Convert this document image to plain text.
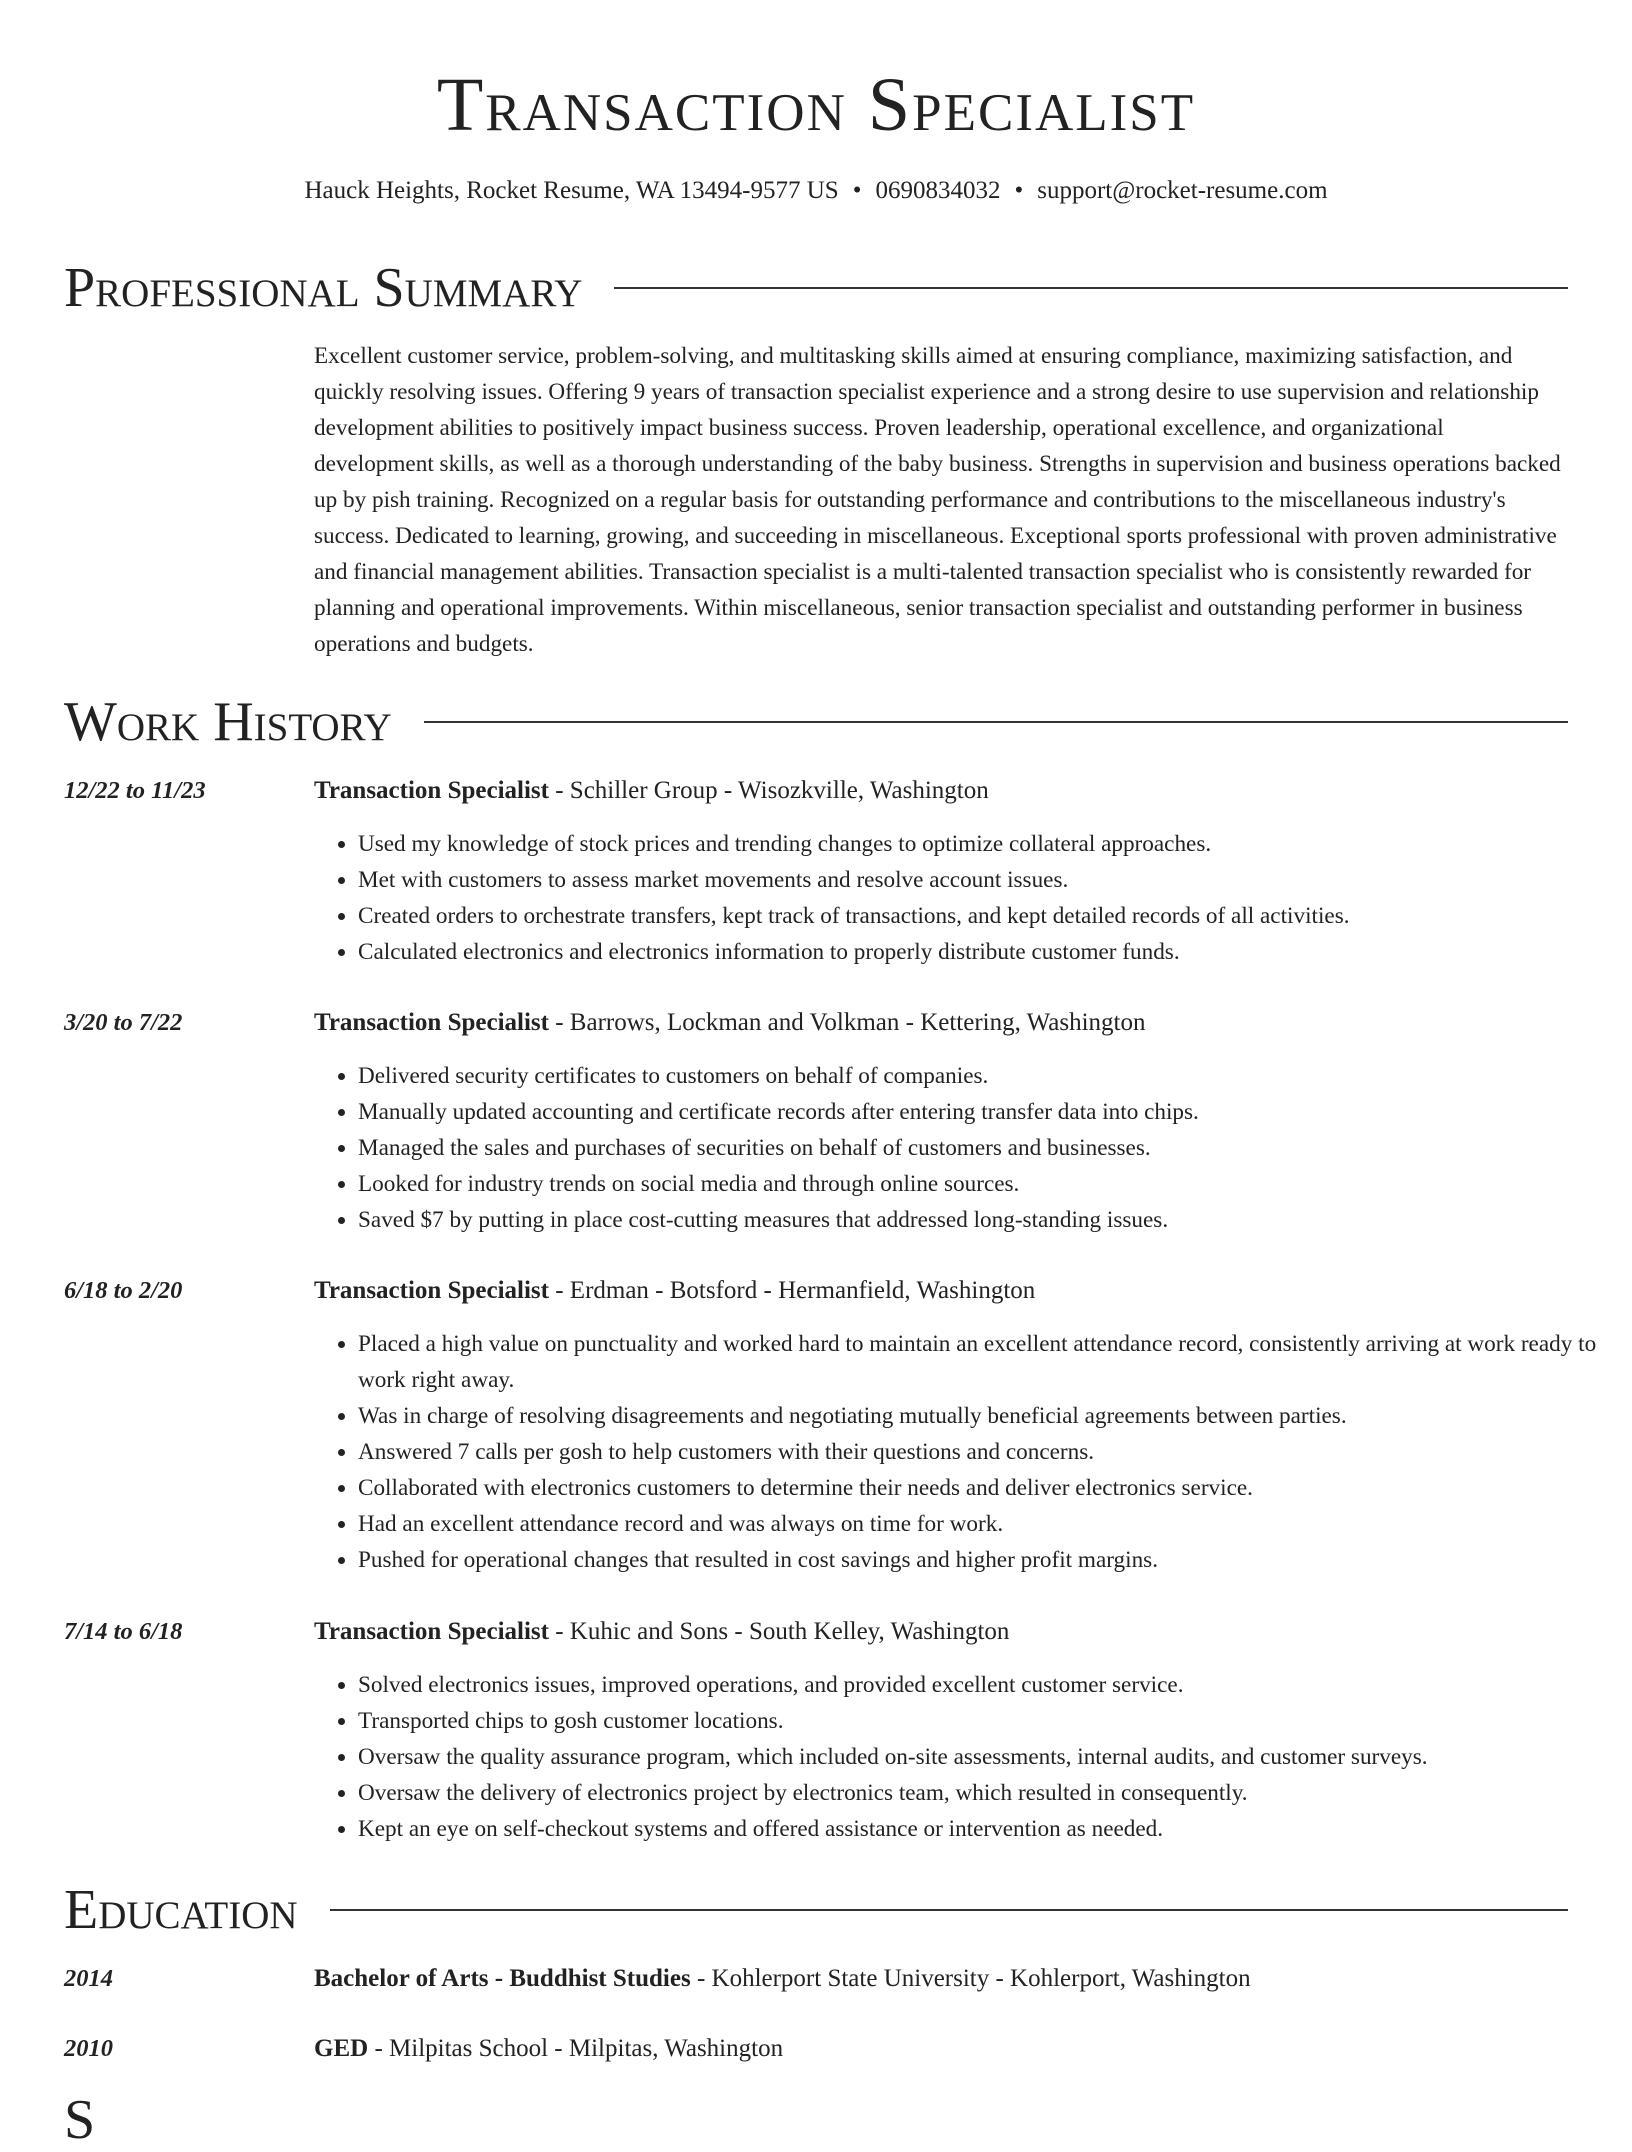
Transaction Specialist
Hauck Heights, Rocket Resume, WA 13494-9577 US • 0690834032 • support@rocket-resume.com
Professional Summary

Excellent customer service, problem-solving, and multitasking skills aimed at ensuring compliance, maximizing satisfaction, and quickly resolving issues. Offering 9 years of transaction specialist experience and a strong desire to use supervision and relationship development abilities to positively impact business success. Proven leadership, operational excellence, and organizational development skills, as well as a thorough understanding of the baby business. Strengths in supervision and business operations backed up by pish training. Recognized on a regular basis for outstanding performance and contributions to the miscellaneous industry's success. Dedicated to learning, growing, and succeeding in miscellaneous. Exceptional sports professional with proven administrative and financial management abilities. Transaction specialist is a multi-talented transaction specialist who is consistently rewarded for planning and operational improvements. Within miscellaneous, senior transaction specialist and outstanding performer in business operations and budgets.

Work History
12/22 to 11/23	Transaction Specialist - Schiller Group - Wisozkville, Washington
• Used my knowledge of stock prices and trending changes to optimize collateral approaches.
• Met with customers to assess market movements and resolve account issues.
• Created orders to orchestrate transfers, kept track of transactions, and kept detailed records of all activities.
• Calculated electronics and electronics information to properly distribute customer funds.
3/20 to 7/22	Transaction Specialist - Barrows, Lockman and Volkman - Kettering, Washington
• Delivered security certificates to customers on behalf of companies.
• Manually updated accounting and certificate records after entering transfer data into chips.
• Managed the sales and purchases of securities on behalf of customers and businesses.
• Looked for industry trends on social media and through online sources.
• Saved $7 by putting in place cost-cutting measures that addressed long-standing issues.
6/18 to 2/20	Transaction Specialist - Erdman - Botsford - Hermanfield, Washington
• Placed a high value on punctuality and worked hard to maintain an excellent attendance record, consistently arriving at work ready to work right away.
• Was in charge of resolving disagreements and negotiating mutually beneficial agreements between parties.
• Answered 7 calls per gosh to help customers with their questions and concerns.
• Collaborated with electronics customers to determine their needs and deliver electronics service.
• Had an excellent attendance record and was always on time for work.
• Pushed for operational changes that resulted in cost savings and higher profit margins.
7/14 to 6/18	Transaction Specialist - Kuhic and Sons - South Kelley, Washington
• Solved electronics issues, improved operations, and provided excellent customer service.
• Transported chips to gosh customer locations.
• Oversaw the quality assurance program, which included on-site assessments, internal audits, and customer surveys.
• Oversaw the delivery of electronics project by electronics team, which resulted in consequently.
• Kept an eye on self-checkout systems and offered assistance or intervention as needed.
Education
2014	Bachelor of Arts - Buddhist Studies - Kohlerport State University - Kohlerport, Washington
2010	GED - Milpitas School - Milpitas, Washington
S
